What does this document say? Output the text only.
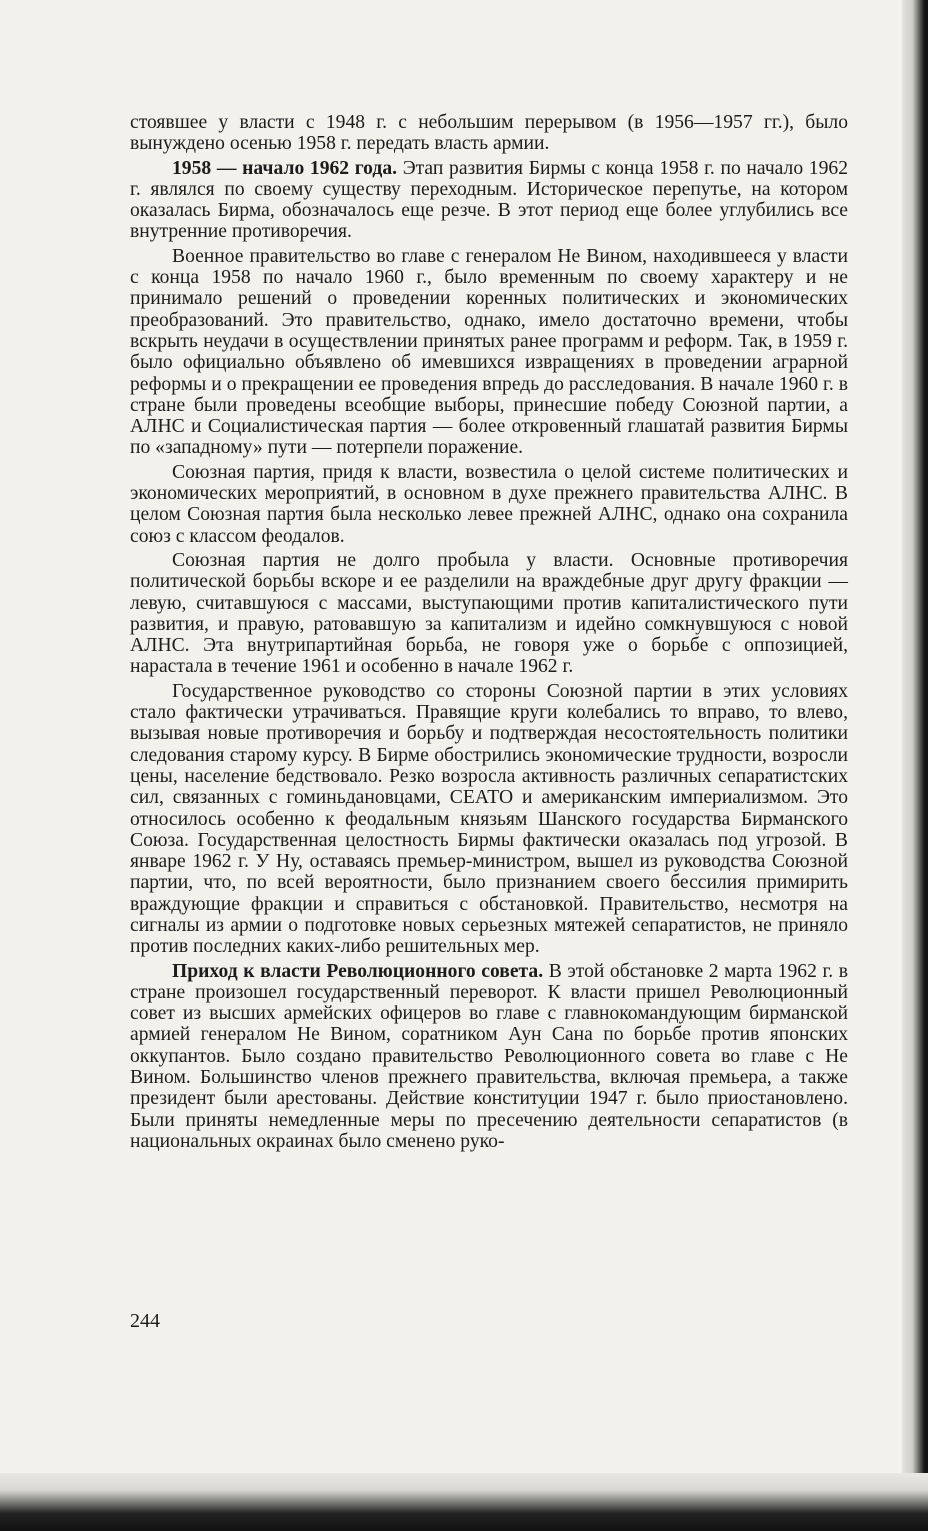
стоявшее у власти с 1948 г. с небольшим перерывом (в 1956—1957 гг.), было вынуждено осенью 1958 г. передать власть армии.

1958 — начало 1962 года. Этап развития Бирмы с конца 1958 г. по начало 1962 г. являлся по своему существу переходным. Историческое перепутье, на котором оказалась Бирма, обозначалось еще резче. В этот период еще более углубились все внутренние противоречия.

Военное правительство во главе с генералом Не Вином, находившееся у власти с конца 1958 по начало 1960 г., было временным по своему характеру и не принимало решений о проведении коренных политических и экономических преобразований. Это правительство, однако, имело достаточно времени, чтобы вскрыть неудачи в осуществлении принятых ранее программ и реформ. Так, в 1959 г. было официально объявлено об имевшихся извращениях в проведении аграрной реформы и о прекращении ее проведения впредь до расследования. В начале 1960 г. в стране были проведены всеобщие выборы, принесшие победу Союзной партии, а АЛНС и Социалистическая партия — более откровенный глашатай развития Бирмы по «западному» пути — потерпели поражение.

Союзная партия, придя к власти, возвестила о целой системе политических и экономических мероприятий, в основном в духе прежнего правительства АЛНС. В целом Союзная партия была несколько левее прежней АЛНС, однако она сохранила союз с классом феодалов.

Союзная партия не долго пробыла у власти. Основные противоречия политической борьбы вскоре и ее разделили на враждебные друг другу фракции — левую, считавшуюся с массами, выступающими против капиталистического пути развития, и правую, ратовавшую за капитализм и идейно сомкнувшуюся с новой АЛНС. Эта внутрипартийная борьба, не говоря уже о борьбе с оппозицией, нарастала в течение 1961 и особенно в начале 1962 г.

Государственное руководство со стороны Союзной партии в этих условиях стало фактически утрачиваться. Правящие круги колебались то вправо, то влево, вызывая новые противоречия и борьбу и подтверждая несостоятельность политики следования старому курсу. В Бирме обострились экономические трудности, возросли цены, население бедствовало. Резко возросла активность различных сепаратистских сил, связанных с гоминьдановцами, СЕАТО и американским империализмом. Это относилось особенно к феодальным князьям Шанского государства Бирманского Союза. Государственная целостность Бирмы фактически оказалась под угрозой. В январе 1962 г. У Ну, оставаясь премьер-министром, вышел из руководства Союзной партии, что, по всей вероятности, было признанием своего бессилия примирить враждующие фракции и справиться с обстановкой. Правительство, несмотря на сигналы из армии о подготовке новых серьезных мятежей сепаратистов, не приняло против последних каких-либо решительных мер.

Приход к власти Революционного совета. В этой обстановке 2 марта 1962 г. в стране произошел государственный переворот. К власти пришел Революционный совет из высших армейских офицеров во главе с главнокомандующим бирманской армией генералом Не Вином, соратником Аун Сана по борьбе против японских оккупантов. Было создано правительство Революционного совета во главе с Не Вином. Большинство членов прежнего правительства, включая премьера, а также президент были арестованы. Действие конституции 1947 г. было приостановлено. Были приняты немедленные меры по пресечению деятельности сепаратистов (в национальных окраинах было сменено руко-

244
